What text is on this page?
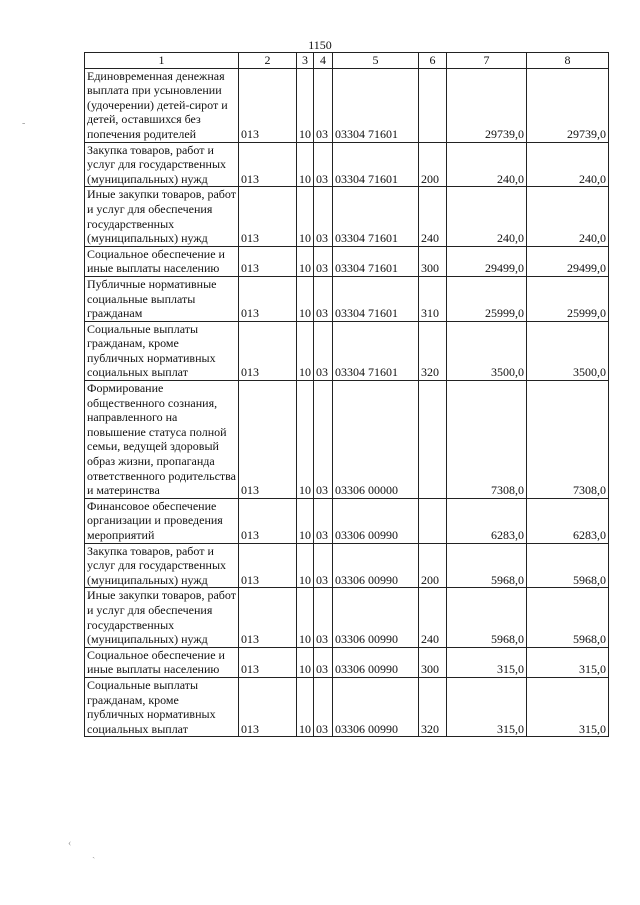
1150
1	2	3	4	5	6	7	8
Единовременная денежная выплата при усыновлении (удочерении) детей-сирот и детей, оставшихся без попечения родителей	013	10	03	03304 71601		29739,0	29739,0
Закупка товаров, работ и услуг для государственных (муниципальных) нужд	013	10	03	03304 71601	200	240,0	240,0
Иные закупки товаров, работ и услуг для обеспечения государственных (муниципальных) нужд	013	10	03	03304 71601	240	240,0	240,0
Социальное обеспечение и иные выплаты населению	013	10	03	03304 71601	300	29499,0	29499,0
Публичные нормативные социальные выплаты гражданам	013	10	03	03304 71601	310	25999,0	25999,0
Социальные выплаты гражданам, кроме публичных нормативных социальных выплат	013	10	03	03304 71601	320	3500,0	3500,0
Формирование общественного сознания, направленного на повышение статуса полной семьи, ведущей здоровый образ жизни, пропаганда ответственного родительства и материнства	013	10	03	03306 00000		7308,0	7308,0
Финансовое обеспечение организации и проведения мероприятий	013	10	03	03306 00990		6283,0	6283,0
Закупка товаров, работ и услуг для государственных (муниципальных) нужд	013	10	03	03306 00990	200	5968,0	5968,0
Иные закупки товаров, работ и услуг для обеспечения государственных (муниципальных) нужд	013	10	03	03306 00990	240	5968,0	5968,0
Социальное обеспечение и иные выплаты населению	013	10	03	03306 00990	300	315,0	315,0
Социальные выплаты гражданам, кроме публичных нормативных социальных выплат	013	10	03	03306 00990	320	315,0	315,0
-
‹
ˎ
